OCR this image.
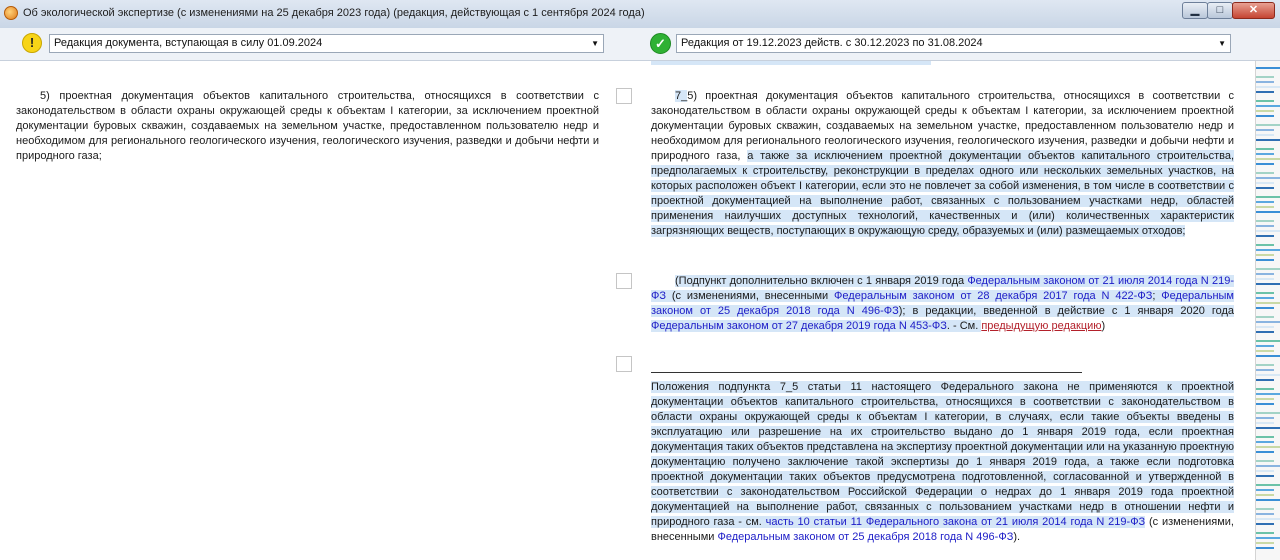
Об экологической экспертизе (с изменениями на 25 декабря 2023 года) (редакция, действующая с 1 сентября 2024 года)	▁	□	✕
!	Редакция документа, вступающая в силу 01.09.2024	▼	✓	Редакция от 19.12.2023 действ. с 30.12.2023 по 31.08.2024	▼
5) проектная документация объектов капитального строительства, относящихся в соответствии с законодательством в области охраны окружающей среды к объектам I категории, за исключением проектной документации буровых скважин, создаваемых на земельном участке, предоставленном пользователю недр и необходимом для регионального геологического изучения, геологического изучения, разведки и добычи нефти и природного газа;
7_5) проектная документация объектов капитального строительства, относящихся в соответствии с законодательством в области охраны окружающей среды к объектам I категории, за исключением проектной документации буровых скважин, создаваемых на земельном участке, предоставленном пользователю недр и необходимом для регионального геологического изучения, геологического изучения, разведки и добычи нефти и природного газа, а также за исключением проектной документации объектов капитального строительства, предполагаемых к строительству, реконструкции в пределах одного или нескольких земельных участков, на которых расположен объект I категории, если это не повлечет за собой изменения, в том числе в соответствии с проектной документацией на выполнение работ, связанных с пользованием участками недр, областей применения наилучших доступных технологий, качественных и (или) количественных характеристик загрязняющих веществ, поступающих в окружающую среду, образуемых и (или) размещаемых отходов;
(Подпункт дополнительно включен с 1 января 2019 года Федеральным законом от 21 июля 2014 года N 219-ФЗ (с изменениями, внесенными Федеральным законом от 28 декабря 2017 года N 422-ФЗ; Федеральным законом от 25 декабря 2018 года N 496-ФЗ); в редакции, введенной в действие с 1 января 2020 года Федеральным законом от 27 декабря 2019 года N 453-ФЗ. - См. предыдущую редакцию)
Положения подпункта 7_5 статьи 11 настоящего Федерального закона не применяются к проектной документации объектов капитального строительства, относящихся в соответствии с законодательством в области охраны окружающей среды к объектам I категории, в случаях, если такие объекты введены в эксплуатацию или разрешение на их строительство выдано до 1 января 2019 года, если проектная документация таких объектов представлена на экспертизу проектной документации или на указанную проектную документацию получено заключение такой экспертизы до 1 января 2019 года, а также если подготовка проектной документации таких объектов предусмотрена подготовленной, согласованной и утвержденной в соответствии с законодательством Российской Федерации о недрах до 1 января 2019 года проектной документацией на выполнение работ, связанных с пользованием участками недр в отношении нефти и природного газа - см. часть 10 статьи 11 Федерального закона от 21 июля 2014 года N 219-ФЗ (с изменениями, внесенными Федеральным законом от 25 декабря 2018 года N 496-ФЗ).
